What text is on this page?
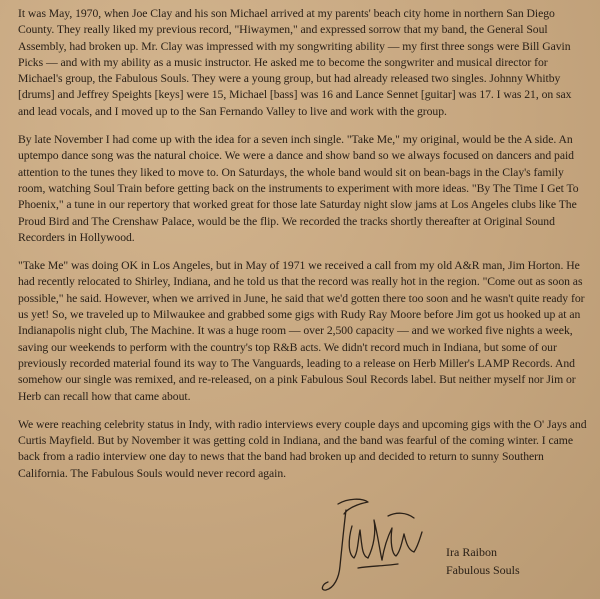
It was May, 1970, when Joe Clay and his son Michael arrived at my parents' beach city home in northern San Diego County. They really liked my previous record, "Hiwaymen," and expressed sorrow that my band, the General Soul Assembly, had broken up. Mr. Clay was impressed with my songwriting ability — my first three songs were Bill Gavin Picks — and with my ability as a music instructor. He asked me to become the songwriter and musical director for Michael's group, the Fabulous Souls. They were a young group, but had already released two singles. Johnny Whitby [drums] and Jeffrey Speights [keys] were 15, Michael [bass] was 16 and Lance Sennet [guitar] was 17. I was 21, on sax and lead vocals, and I moved up to the San Fernando Valley to live and work with the group.

By late November I had come up with the idea for a seven inch single. "Take Me," my original, would be the A side. An uptempo dance song was the natural choice. We were a dance and show band so we always focused on dancers and paid attention to the tunes they liked to move to. On Saturdays, the whole band would sit on bean-bags in the Clay's family room, watching Soul Train before getting back on the instruments to experiment with more ideas. "By The Time I Get To Phoenix," a tune in our repertory that worked great for those late Saturday night slow jams at Los Angeles clubs like The Proud Bird and The Crenshaw Palace, would be the flip. We recorded the tracks shortly thereafter at Original Sound Recorders in Hollywood.

"Take Me" was doing OK in Los Angeles, but in May of 1971 we received a call from my old A&R man, Jim Horton. He had recently relocated to Shirley, Indiana, and he told us that the record was really hot in the region. "Come out as soon as possible," he said. However, when we arrived in June, he said that we'd gotten there too soon and he wasn't quite ready for us yet! So, we traveled up to Milwaukee and grabbed some gigs with Rudy Ray Moore before Jim got us hooked up at an Indianapolis night club, The Machine. It was a huge room — over 2,500 capacity — and we worked five nights a week, saving our weekends to perform with the country's top R&B acts. We didn't record much in Indiana, but some of our previously recorded material found its way to The Vanguards, leading to a release on Herb Miller's LAMP Records. And somehow our single was remixed, and re-released, on a pink Fabulous Soul Records label. But neither myself nor Jim or Herb can recall how that came about.

We were reaching celebrity status in Indy, with radio interviews every couple days and upcoming gigs with the O' Jays and Curtis Mayfield. But by November it was getting cold in Indiana, and the band was fearful of the coming winter. I came back from a radio interview one day to news that the band had broken up and decided to return to sunny Southern California. The Fabulous Souls would never record again.

Ira Raibon
Fabulous Souls
